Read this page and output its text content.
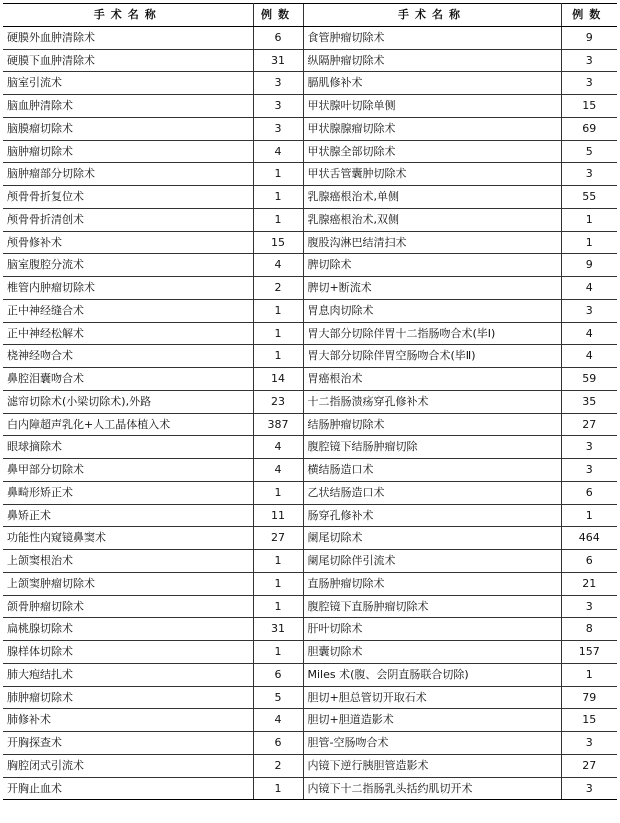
手术名称	例数	手术名称	例数
硬膜外血肿清除术	6	食管肿瘤切除术	9
硬膜下血肿清除术	31	纵隔肿瘤切除术	3
脑室引流术	3	膈肌修补术	3
脑血肿清除术	3	甲状腺叶切除单侧	15
脑膜瘤切除术	3	甲状腺腺瘤切除术	69
脑肿瘤切除术	4	甲状腺全部切除术	5
脑肿瘤部分切除术	1	甲状舌管囊肿切除术	3
颅骨骨折复位术	1	乳腺癌根治术,单侧	55
颅骨骨折清创术	1	乳腺癌根治术,双侧	1
颅骨修补术	15	腹股沟淋巴结清扫术	1
脑室腹腔分流术	4	脾切除术	9
椎管内肿瘤切除术	2	脾切+断流术	4
正中神经缝合术	1	胃息肉切除术	3
正中神经松解术	1	胃大部分切除伴胃十二指肠吻合术(毕Ⅰ)	4
桡神经吻合术	1	胃大部分切除伴胃空肠吻合术(毕Ⅱ)	4
鼻腔泪囊吻合术	14	胃癌根治术	59
滤帘切除术(小梁切除术),外路	23	十二指肠溃疡穿孔修补术	35
白内障超声乳化+人工晶体植入术	387	结肠肿瘤切除术	27
眼球摘除术	4	腹腔镜下结肠肿瘤切除	3
鼻甲部分切除术	4	横结肠造口术	3
鼻畸形矫正术	1	乙状结肠造口术	6
鼻矫正术	11	肠穿孔修补术	1
功能性内窥镜鼻窦术	27	阑尾切除术	464
上颌窦根治术	1	阑尾切除伴引流术	6
上颌窦肿瘤切除术	1	直肠肿瘤切除术	21
颌骨肿瘤切除术	1	腹腔镜下直肠肿瘤切除术	3
扁桃腺切除术	31	肝叶切除术	8
腺样体切除术	1	胆囊切除术	157
肺大疱结扎术	6	Miles 术(腹、会阴直肠联合切除)	1
肺肿瘤切除术	5	胆切+胆总管切开取石术	79
肺修补术	4	胆切+胆道造影术	15
开胸探查术	6	胆管-空肠吻合术	3
胸腔闭式引流术	2	内镜下逆行胰胆管造影术	27
开胸止血术	1	内镜下十二指肠乳头括约肌切开术	3
